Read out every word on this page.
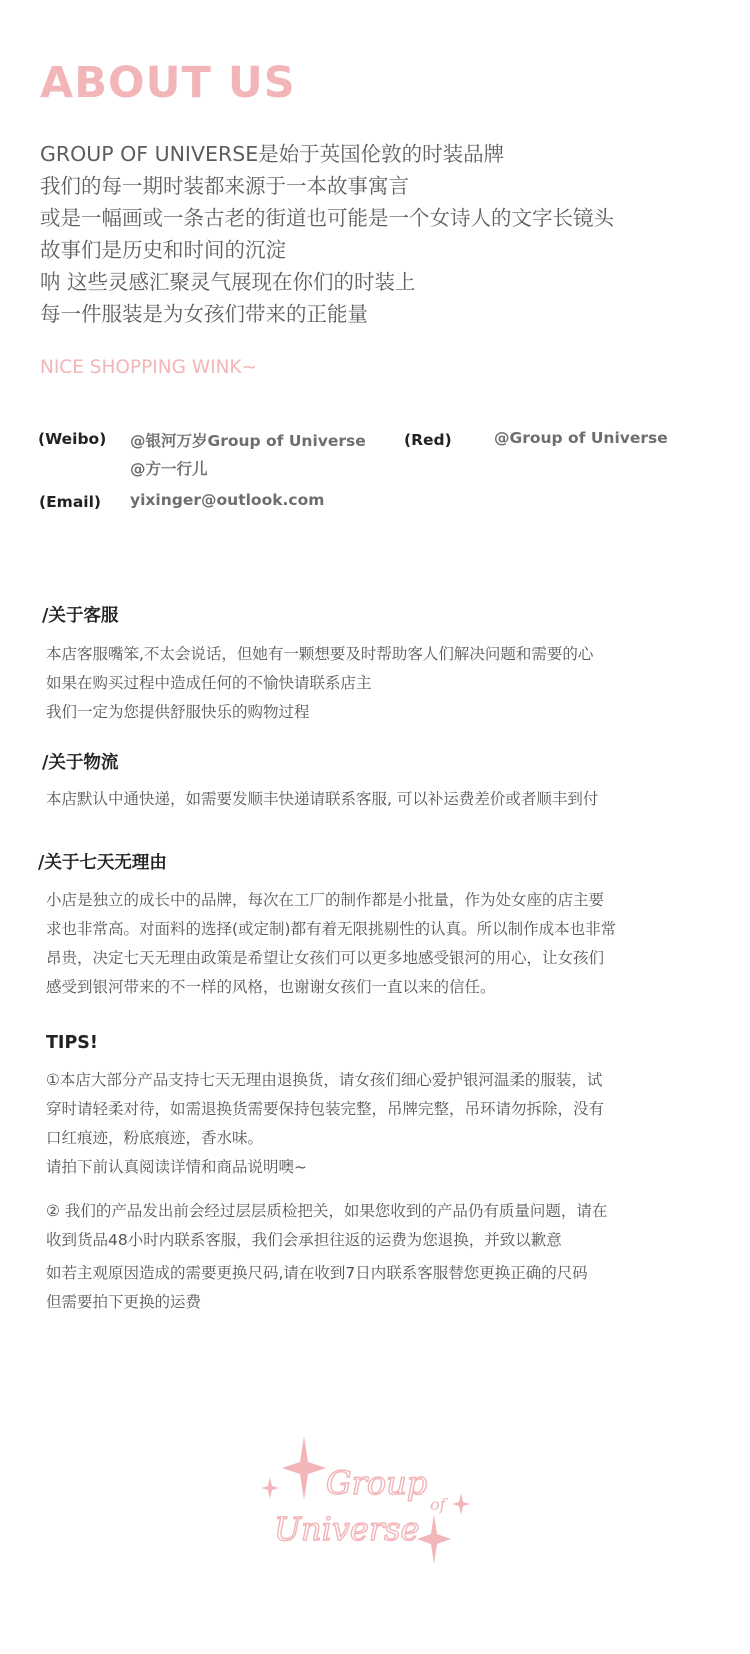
ABOUT US
GROUP OF UNIVERSE是始于英国伦敦的时装品牌
我们的每一期时装都来源于一本故事寓言
或是一幅画或一条古老的街道也可能是一个女诗人的文字长镜头
故事们是历史和时间的沉淀
呐 这些灵感汇聚灵气展现在你们的时装上
每一件服装是为女孩们带来的正能量
NICE SHOPPING WINK~
(Weibo) @银河万岁Group of Universe
@方一行儿
(Red)	@Group of Universe
(Email) yixinger@outlook.com
/关于客服
本店客服嘴笨,不太会说话，但她有一颗想要及时帮助客人们解决问题和需要的心
如果在购买过程中造成任何的不愉快请联系店主
我们一定为您提供舒服快乐的购物过程
/关于物流
本店默认中通快递，如需要发顺丰快递请联系客服, 可以补运费差价或者顺丰到付
/关于七天无理由
小店是独立的成长中的品牌，每次在工厂的制作都是小批量，作为处女座的店主要
求也非常高。对面料的选择(或定制)都有着无限挑剔性的认真。所以制作成本也非常
昂贵，决定七天无理由政策是希望让女孩们可以更多地感受银河的用心，让女孩们
感受到银河带来的不一样的风格，也谢谢女孩们一直以来的信任。
TIPS!
①本店大部分产品支持七天无理由退换货，请女孩们细心爱护银河温柔的服装，试
穿时请轻柔对待，如需退换货需要保持包装完整，吊牌完整，吊环请勿拆除，没有
口红痕迹，粉底痕迹，香水味。
请拍下前认真阅读详情和商品说明噢~
② 我们的产品发出前会经过层层质检把关，如果您收到的产品仍有质量问题，请在
收到货品48小时内联系客服，我们会承担往返的运费为您退换，并致以歉意
如若主观原因造成的需要更换尺码,请在收到7日内联系客服替您更换正确的尺码
但需要拍下更换的运费
Group
of
Universe
